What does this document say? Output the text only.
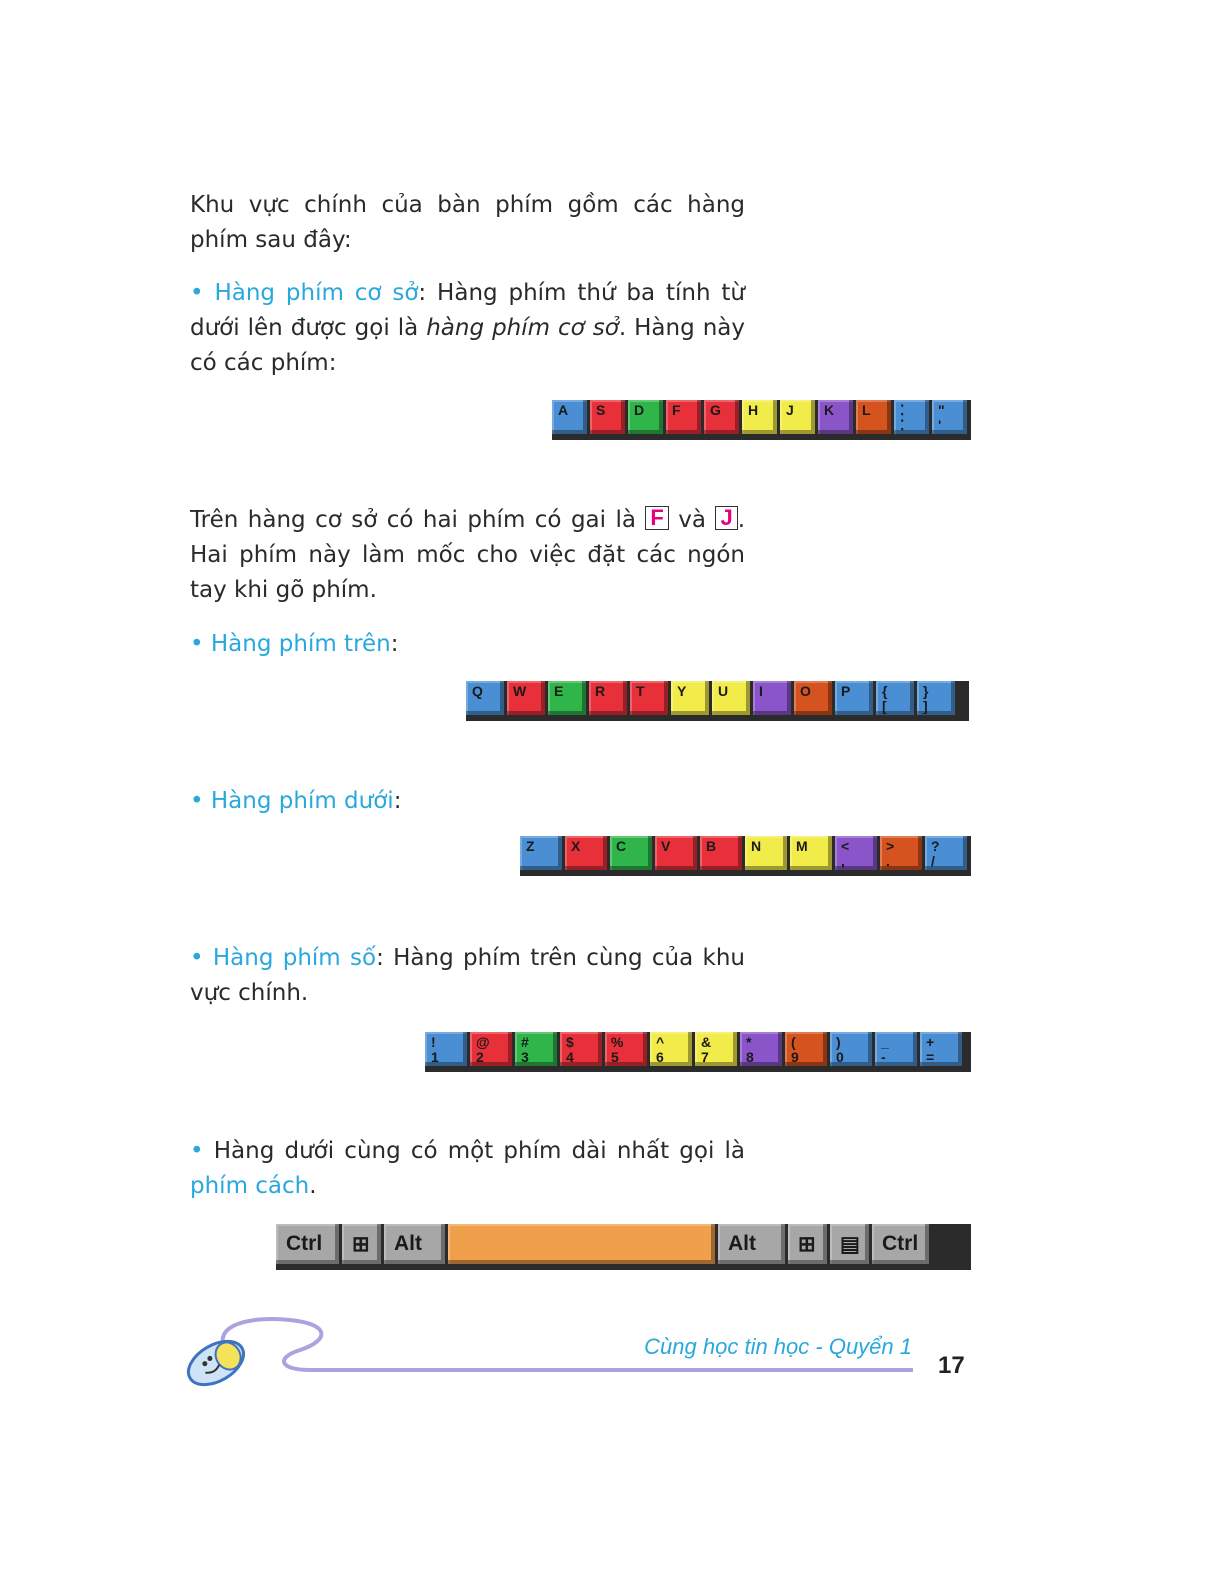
Khu vực chính của bàn phím gồm các hàng phím sau đây:

• Hàng phím cơ sở: Hàng phím thứ ba tính từ dưới lên được gọi là hàng phím cơ sở. Hàng này có các phím:

A S D F G H J K L ⁚
⁚
"
'

Trên hàng cơ sở có hai phím có gai là F và J . Hai phím này làm mốc cho việc đặt các ngón tay khi gõ phím.

• Hàng phím trên:

Q W E R T Y U I	O P {
[
}
]

• Hàng phím dưới:

Z	X	C V	B N M <
,
>
.
?
/

• Hàng phím số: Hàng phím trên cùng của khu vực chính.

!
1
@
2
#
3
$
4
%
5
^
6
&
7
*
8
(
9
)
0
_
-
+
=

• Hàng dưới cùng có một phím dài nhất gọi là phím cách.

Ctrl ⊞ Alt	Alt ⊞ ▤ Ctrl
Cùng học tin học - Quyển 1
17
